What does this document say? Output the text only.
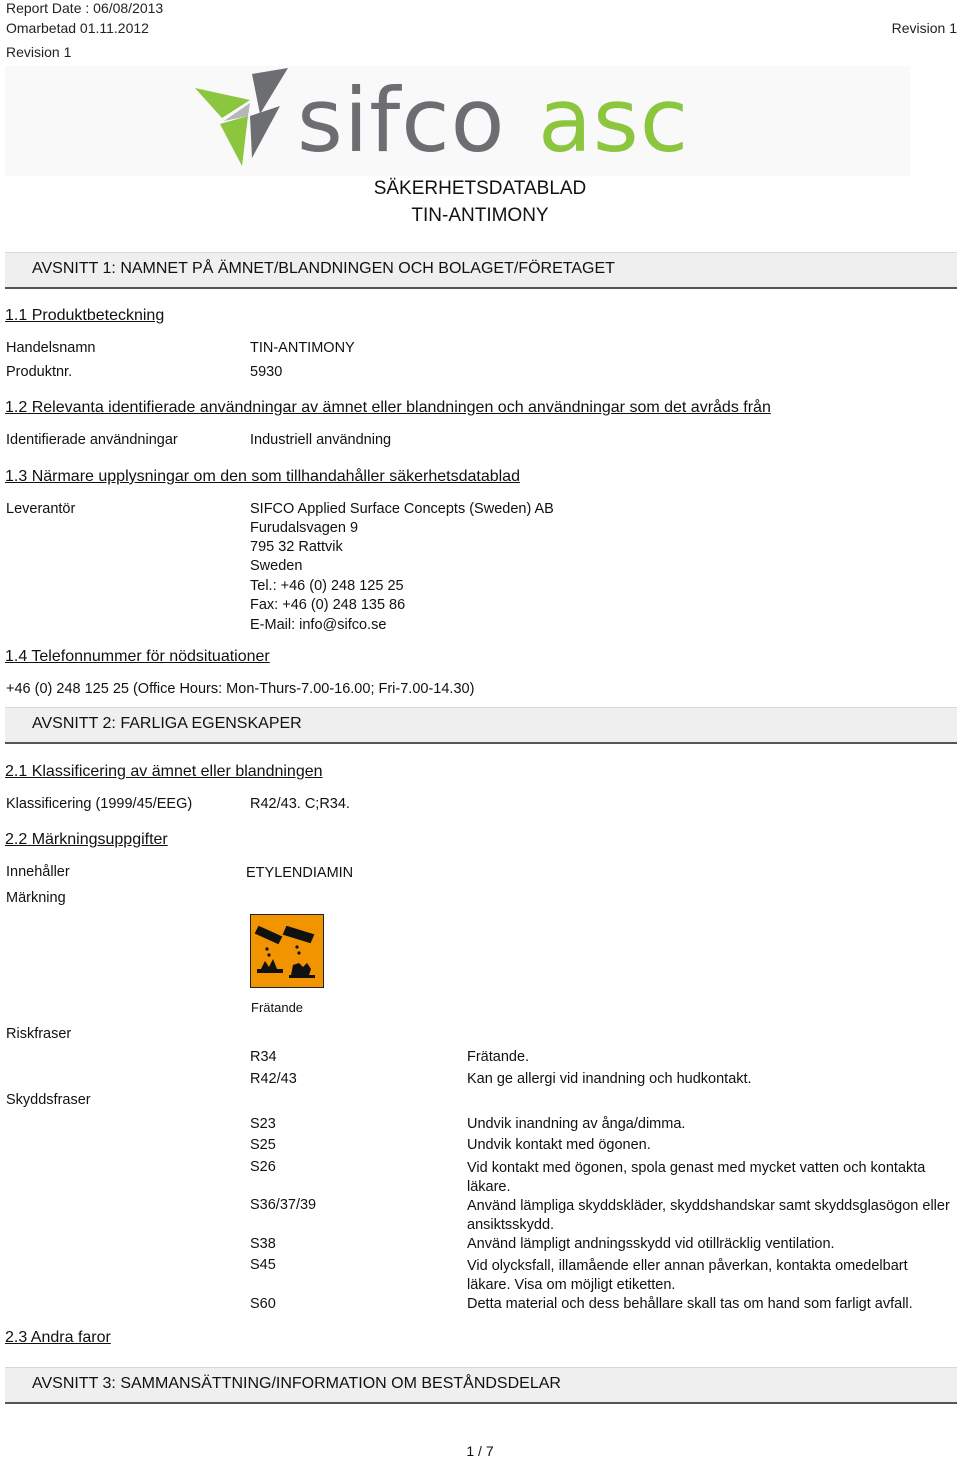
Report Date : 06/08/2013
Omarbetad 01.11.2012
Revision 1
Revision 1
sifco asc
SÄKERHETSDATABLAD
TIN-ANTIMONY
AVSNITT 1: NAMNET PÅ ÄMNET/BLANDNINGEN OCH BOLAGET/FÖRETAGET
1.1 Produktbeteckning
Handelsnamn	TIN-ANTIMONY
Produktnr.	5930
1.2 Relevanta identifierade användningar av ämnet eller blandningen och användningar som det avråds från
Identifierade användningar	Industriell användning
1.3 Närmare upplysningar om den som tillhandahåller säkerhetsdatablad
Leverantör	SIFCO Applied Surface Concepts (Sweden) AB
Furudalsvagen 9
795 32 Rattvik
Sweden
Tel.: +46 (0) 248 125 25
Fax: +46 (0) 248 135 86
E-Mail: info@sifco.se
1.4 Telefonnummer för nödsituationer
+46 (0) 248 125 25 (Office Hours: Mon-Thurs-7.00-16.00; Fri-7.00-14.30)
AVSNITT 2: FARLIGA EGENSKAPER
2.1 Klassificering av ämnet eller blandningen
Klassificering (1999/45/EEG)	R42/43. C;R34.
2.2 Märkningsuppgifter
Innehåller	ETYLENDIAMIN
Märkning
Frätande
Riskfraser
R34	Frätande.
R42/43	Kan ge allergi vid inandning och hudkontakt.
Skyddsfraser
S23	Undvik inandning av ånga/dimma.
S25	Undvik kontakt med ögonen.
S26	Vid kontakt med ögonen, spola genast med mycket vatten och kontakta läkare.
S36/37/39	Använd lämpliga skyddskläder, skyddshandskar samt skyddsglasögon eller ansiktsskydd.
S38	Använd lämpligt andningsskydd vid otillräcklig ventilation.
S45	Vid olycksfall, illamående eller annan påverkan, kontakta omedelbart läkare. Visa om möjligt etiketten.
S60	Detta material och dess behållare skall tas om hand som farligt avfall.
2.3 Andra faror
AVSNITT 3: SAMMANSÄTTNING/INFORMATION OM BESTÅNDSDELAR
1 / 7
